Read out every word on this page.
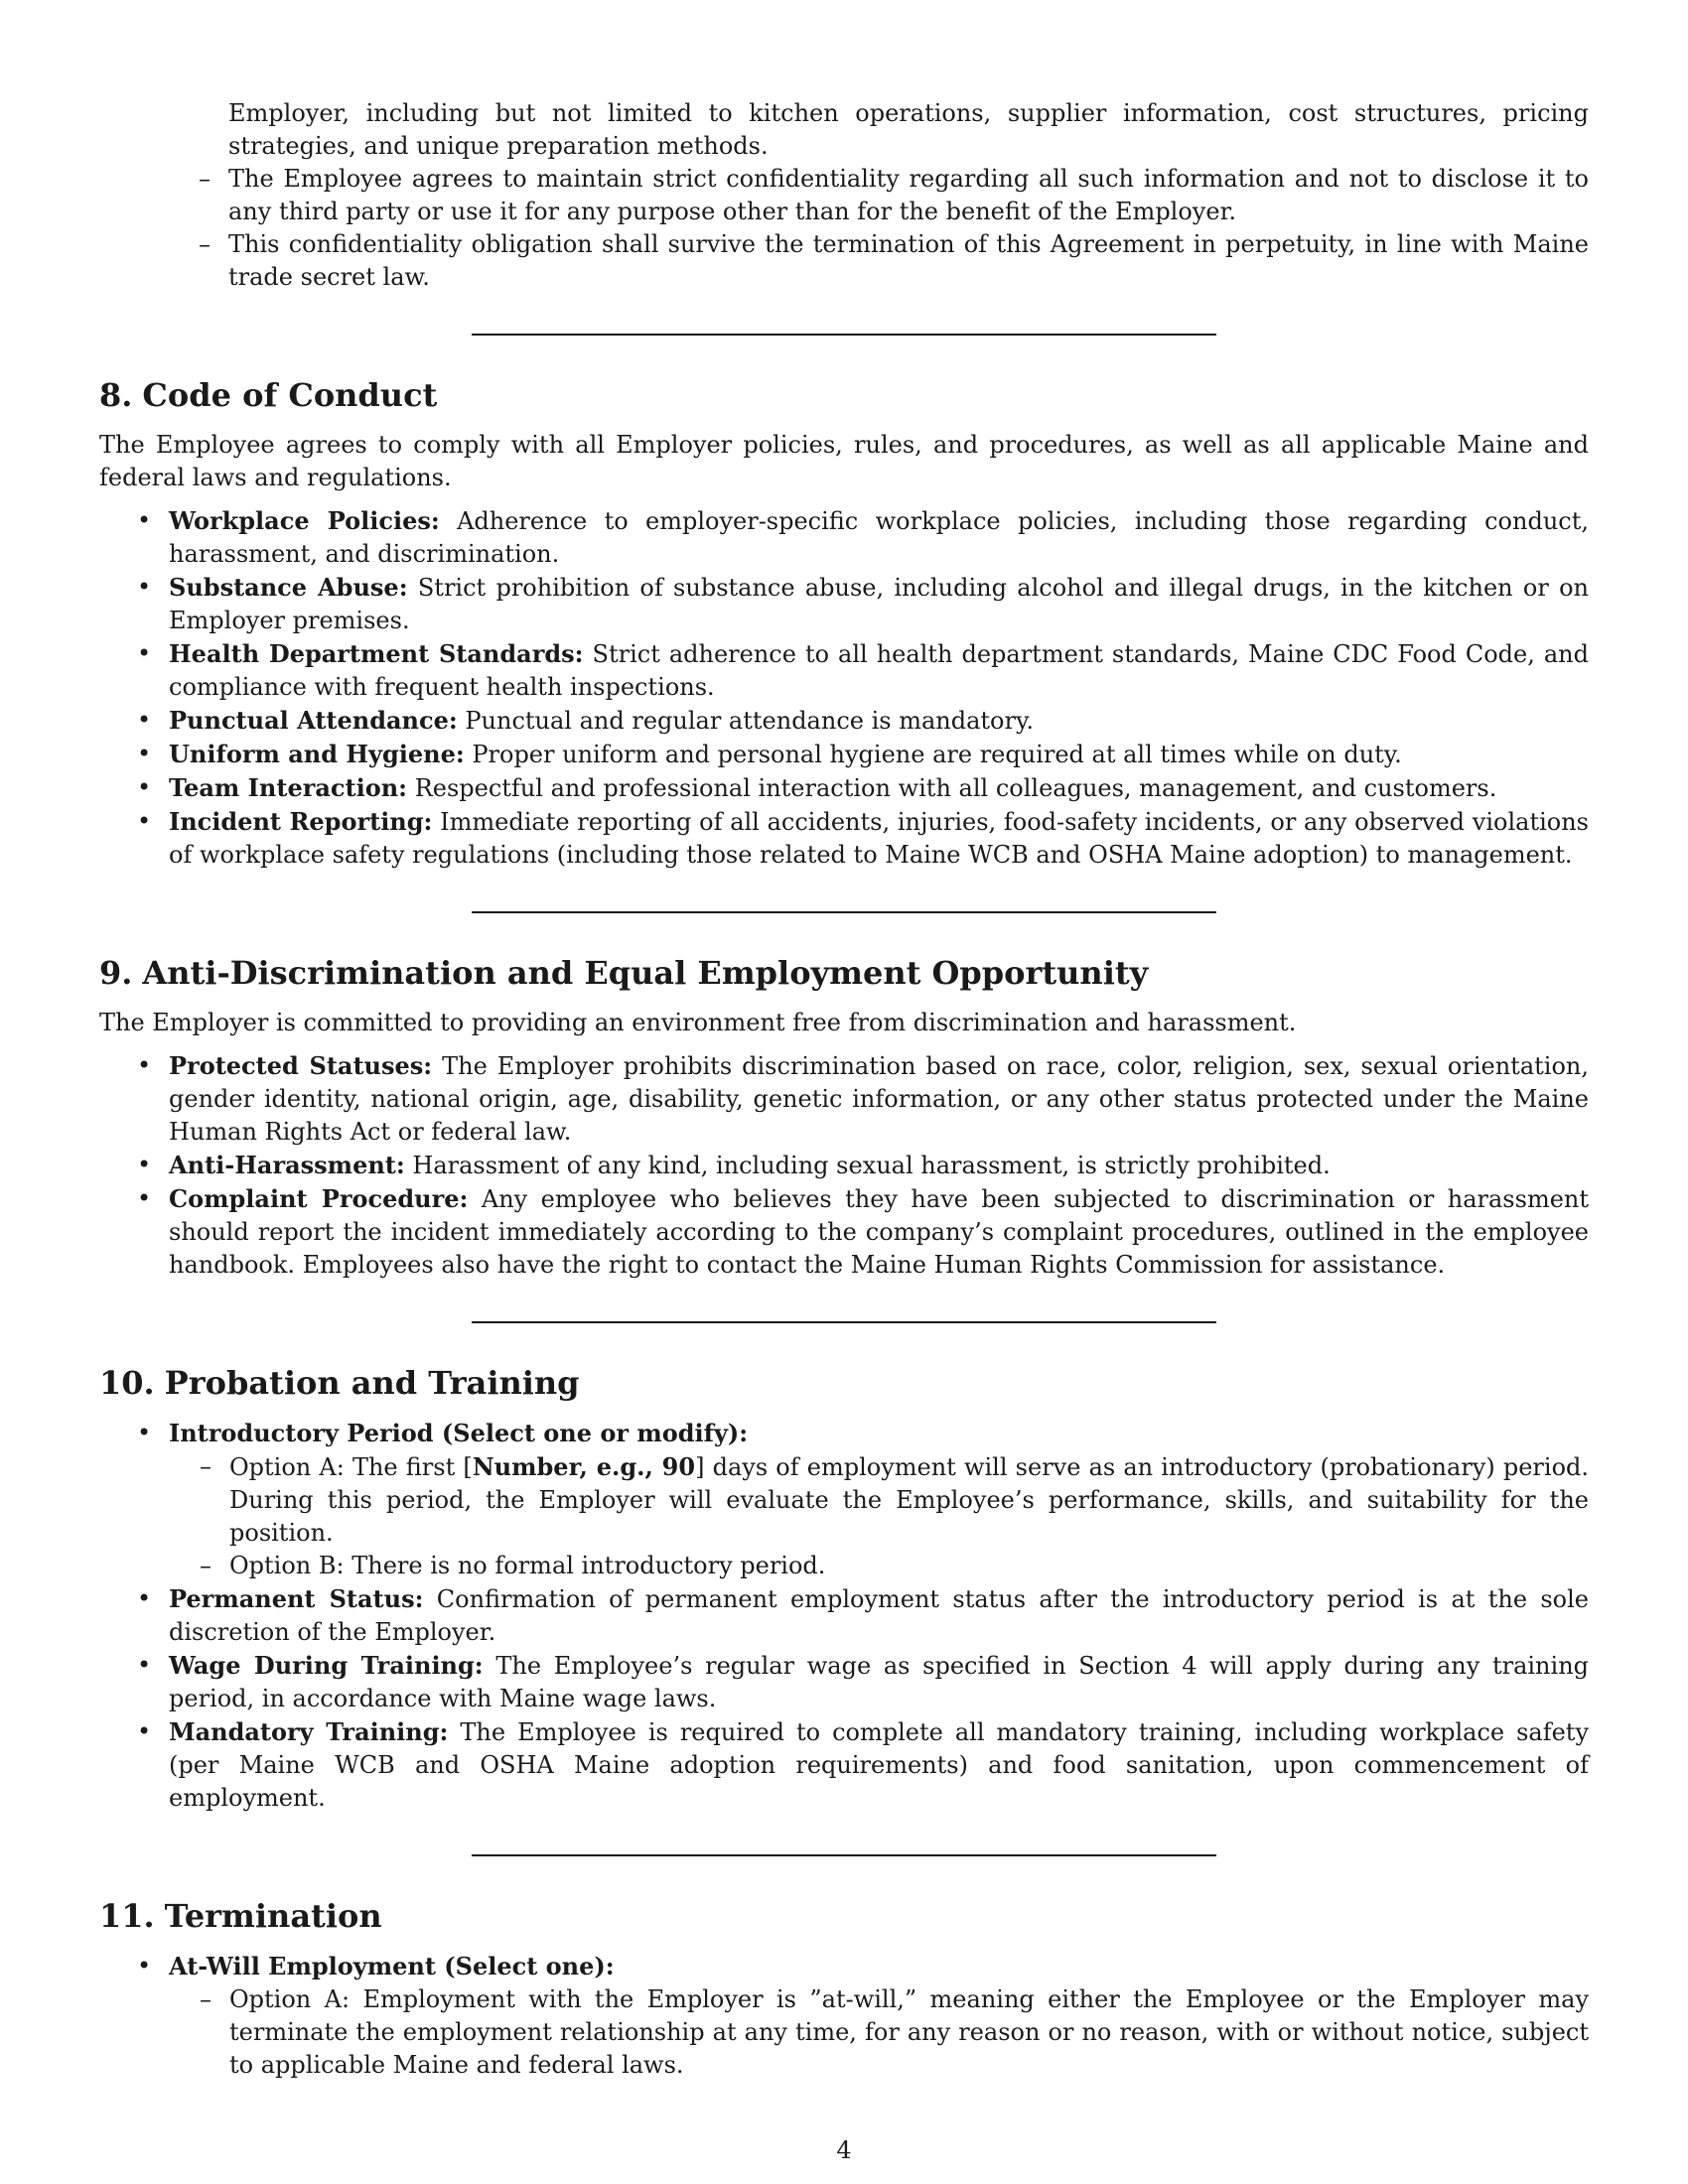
Employer, including but not limited to kitchen operations, supplier information, cost structures, pricing strategies, and unique preparation methods.

– The Employee agrees to maintain strict confidentiality regarding all such information and not to disclose it to any third party or use it for any purpose other than for the benefit of the Employer.
– This confidentiality obligation shall survive the termination of this Agreement in perpetuity, in line with Maine trade secret law.
8. Code of Conduct

The Employee agrees to comply with all Employer policies, rules, and procedures, as well as all applicable Maine and federal laws and regulations.

• Workplace Policies: Adherence to employer-specific workplace policies, including those regarding conduct, harassment, and discrimination.
• Substance Abuse: Strict prohibition of substance abuse, including alcohol and illegal drugs, in the kitchen or on Employer premises.
• Health Department Standards: Strict adherence to all health department standards, Maine CDC Food Code, and compliance with frequent health inspections.
• Punctual Attendance: Punctual and regular attendance is mandatory.
• Uniform and Hygiene: Proper uniform and personal hygiene are required at all times while on duty.
• Team Interaction: Respectful and professional interaction with all colleagues, management, and customers.
• Incident Reporting: Immediate reporting of all accidents, injuries, food-safety incidents, or any observed violations of workplace safety regulations (including those related to Maine WCB and OSHA Maine adoption) to management.
9. Anti-Discrimination and Equal Employment Opportunity

The Employer is committed to providing an environment free from discrimination and harassment.

• Protected Statuses: The Employer prohibits discrimination based on race, color, religion, sex, sexual orientation, gender identity, national origin, age, disability, genetic information, or any other status protected under the Maine Human Rights Act or federal law.
• Anti-Harassment: Harassment of any kind, including sexual harassment, is strictly prohibited.
• Complaint Procedure: Any employee who believes they have been subjected to discrimination or harassment should report the incident immediately according to the company’s complaint procedures, outlined in the employee handbook. Employees also have the right to contact the Maine Human Rights Commission for assistance.
10. Probation and Training
• Introductory Period (Select one or modify):
– Option A: The first [Number, e.g., 90] days of employment will serve as an introductory (probationary) period. During this period, the Employer will evaluate the Employee’s performance, skills, and suitability for the position.
– Option B: There is no formal introductory period.
• Permanent Status: Confirmation of permanent employment status after the introductory period is at the sole discretion of the Employer.
• Wage During Training: The Employee’s regular wage as specified in Section 4 will apply during any training period, in accordance with Maine wage laws.
• Mandatory Training: The Employee is required to complete all mandatory training, including workplace safety (per Maine WCB and OSHA Maine adoption requirements) and food sanitation, upon commencement of employment.
11. Termination
• At-Will Employment (Select one):
– Option A: Employment with the Employer is ”at-will,” meaning either the Employee or the Employer may terminate the employment relationship at any time, for any reason or no reason, with or without notice, subject to applicable Maine and federal laws.
4
